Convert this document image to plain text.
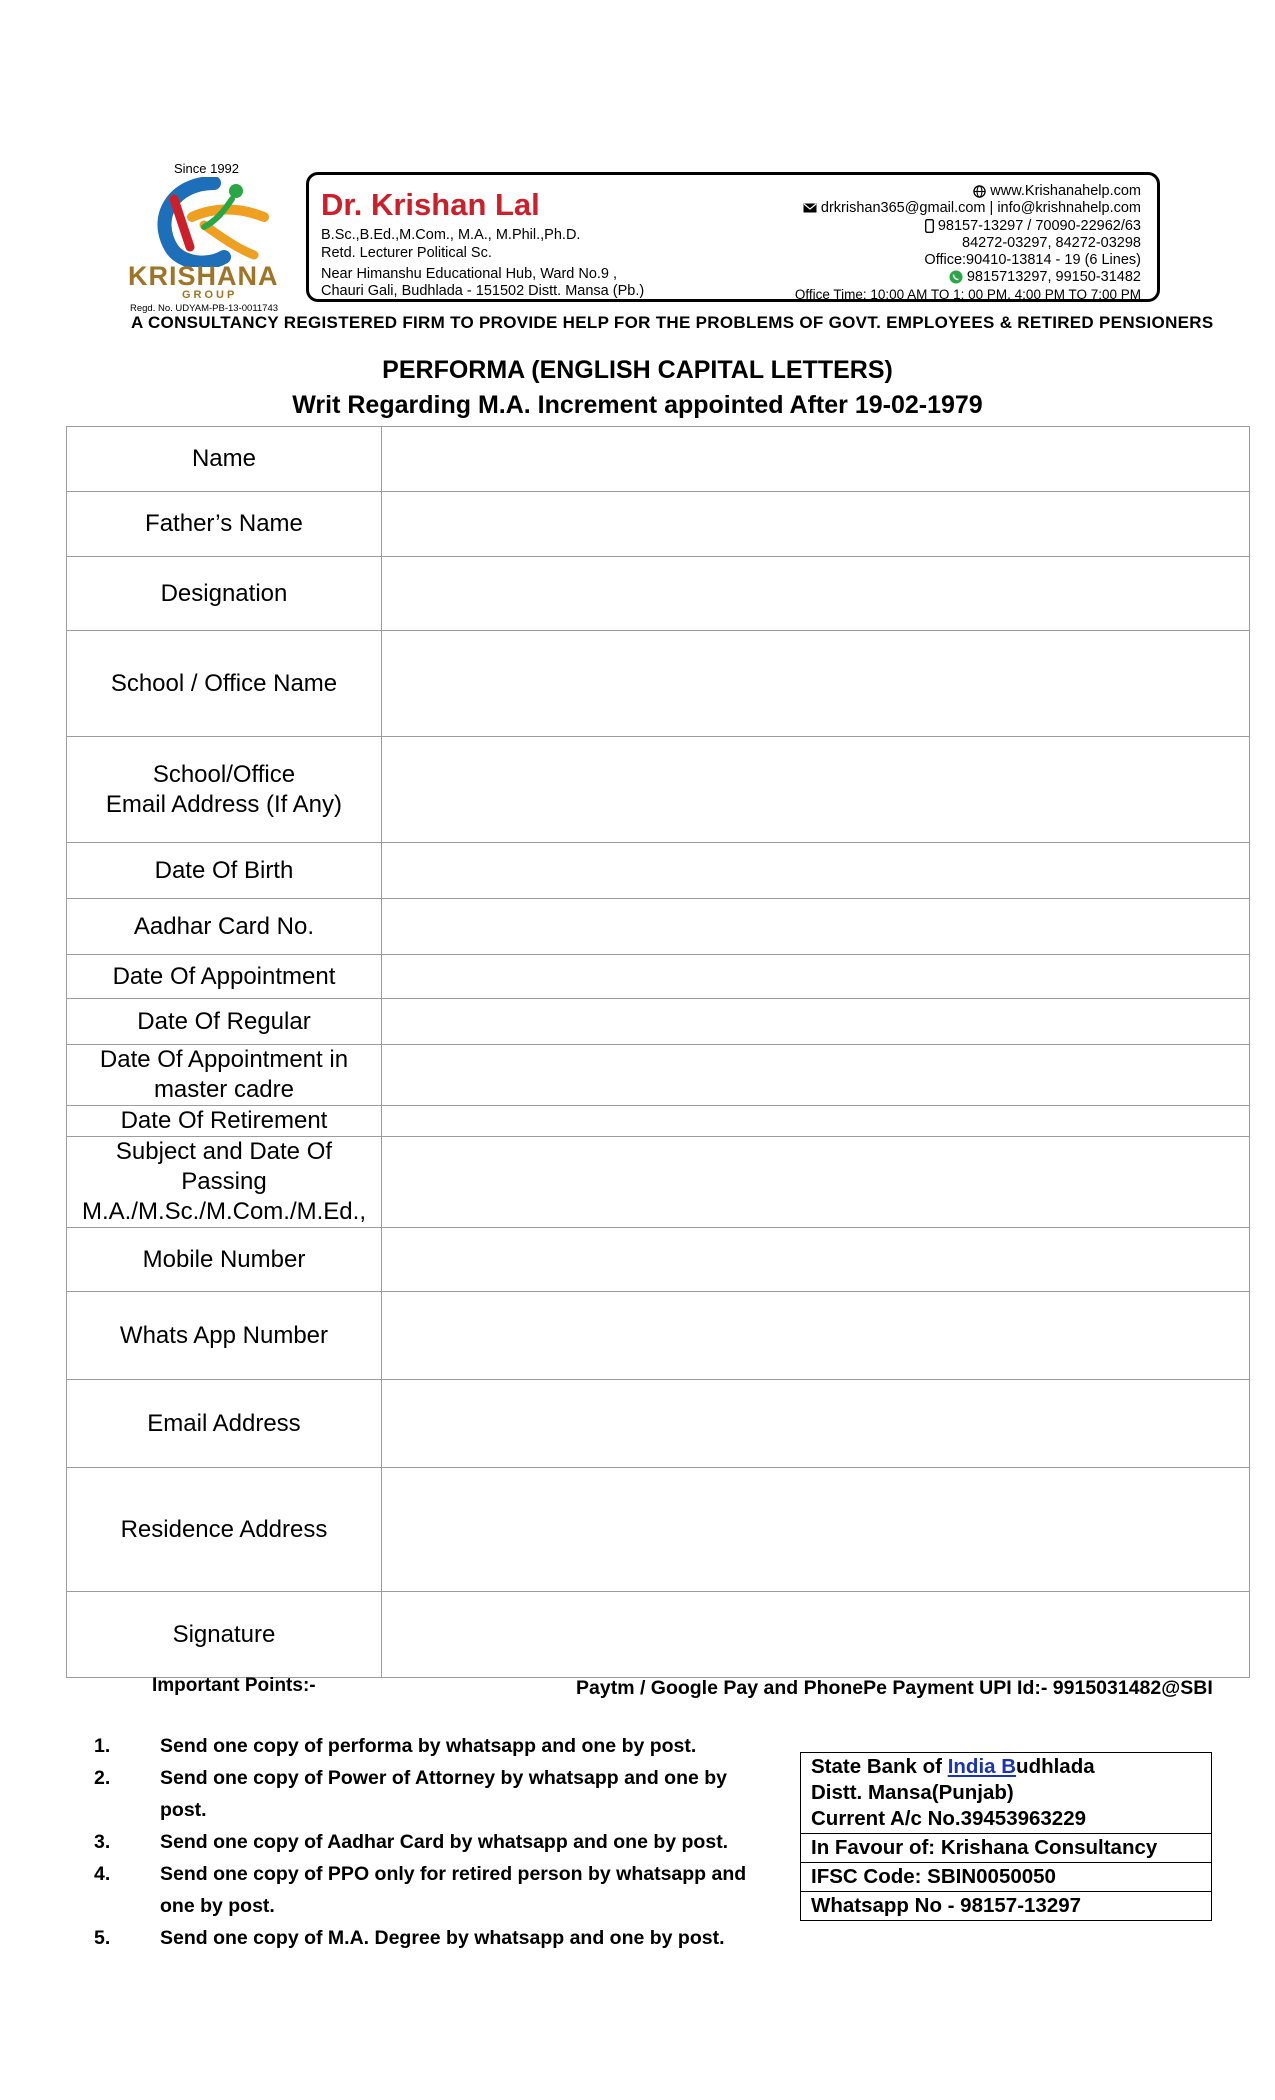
Since 1992
KRISHANA
GROUP
Regd. No. UDYAM-PB-13-0011743
Dr. Krishan Lal
B.Sc.,B.Ed.,M.Com., M.A., M.Phil.,Ph.D.
Retd. Lecturer Political Sc.
Near Himanshu Educational Hub, Ward No.9 ,
Chauri Gali, Budhlada - 151502 Distt. Mansa (Pb.)
www.Krishanahelp.com
drkrishan365@gmail.com | info@krishnahelp.com
98157-13297 / 70090-22962/63
84272-03297, 84272-03298
Office:90410-13814 - 19 (6 Lines)
9815713297, 99150-31482
Office Time: 10:00 AM TO 1: 00 PM, 4:00 PM TO 7:00 PM
A CONSULTANCY REGISTERED FIRM TO PROVIDE HELP FOR THE PROBLEMS OF GOVT. EMPLOYEES & RETIRED PENSIONERS
PERFORMA (ENGLISH CAPITAL LETTERS)
Writ Regarding M.A. Increment appointed After 19-02-1979
Name	
Father’s Name	
Designation	
School / Office Name	
School/Office
Email Address (If Any)	
Date Of Birth	
Aadhar Card No.	
Date Of Appointment	
Date Of Regular	
Date Of Appointment in
master cadre	
Date Of Retirement	
Subject and Date Of
Passing
M.A./M.Sc./M.Com./M.Ed.,	
Mobile Number	
Whats App Number	
Email Address	
Residence Address	
Signature	
Important Points:-	Paytm / Google Pay and PhonePe Payment UPI Id:- 9915031482@SBI
1.	Send one copy of performa by whatsapp and one by post.
2.	Send one copy of Power of Attorney by whatsapp and one by post.
3.	Send one copy of Aadhar Card by whatsapp and one by post.
4.	Send one copy of PPO only for retired person by whatsapp and one by post.
5.	Send one copy of M.A. Degree by whatsapp and one by post.
State Bank of India Budhlada
Distt. Mansa(Punjab)
Current A/c No.39453963229
In Favour of: Krishana Consultancy
IFSC Code: SBIN0050050
Whatsapp No - 98157-13297
